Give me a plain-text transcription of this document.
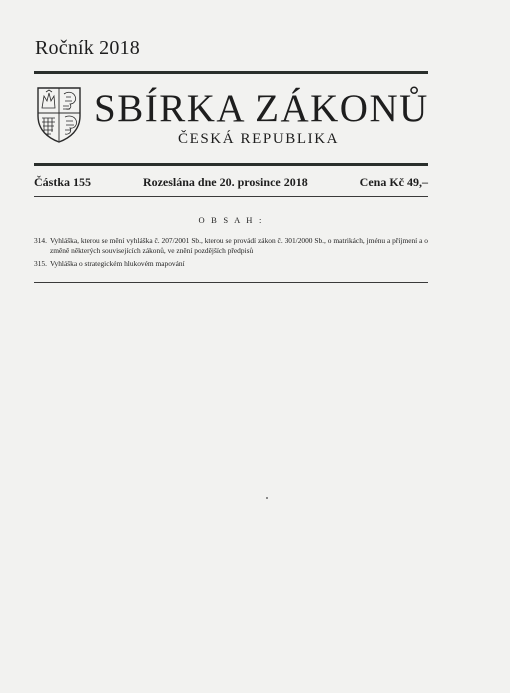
Ročník 2018
SBÍRKA ZÁKONŮ
ČESKÁ REPUBLIKA
Částka 155	Rozeslána dne 20. prosince 2018	Cena Kč 49,–
O B S A H :
314. Vyhláška, kterou se mění vyhláška č. 207/2001 Sb., kterou se provádí zákon č. 301/2000 Sb., o matrikách, jménu a příjmení a o změně některých souvisejících zákonů, ve znění pozdějších předpisů
315. Vyhláška o strategickém hlukovém mapování
